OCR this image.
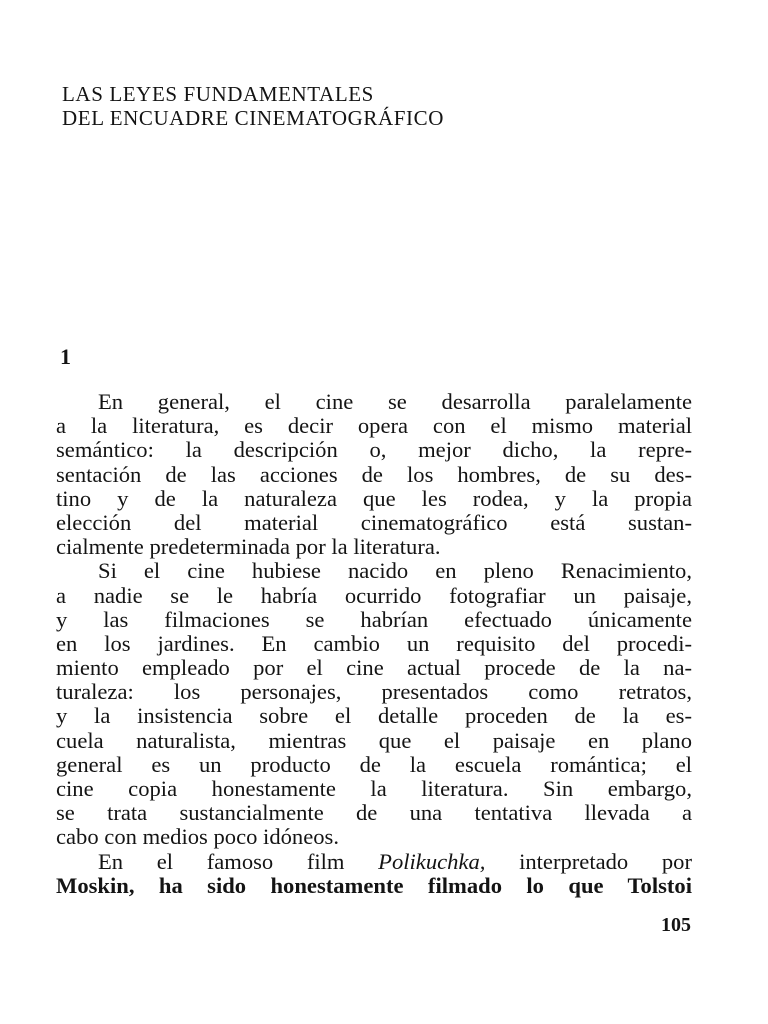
LAS LEYES FUNDAMENTALES
DEL ENCUADRE CINEMATOGRÁFICO
1
En general, el cine se desarrolla paralelamente
a la literatura, es decir opera con el mismo material
semántico: la descripción o, mejor dicho, la repre-
sentación de las acciones de los hombres, de su des-
tino y de la naturaleza que les rodea, y la propia
elección del material cinematográfico está sustan-
cialmente predeterminada por la literatura.
Si el cine hubiese nacido en pleno Renacimiento,
a nadie se le habría ocurrido fotografiar un paisaje,
y las filmaciones se habrían efectuado únicamente
en los jardines. En cambio un requisito del procedi-
miento empleado por el cine actual procede de la na-
turaleza: los personajes, presentados como retratos,
y la insistencia sobre el detalle proceden de la es-
cuela naturalista, mientras que el paisaje en plano
general es un producto de la escuela romántica; el
cine copia honestamente la literatura. Sin embargo,
se trata sustancialmente de una tentativa llevada a
cabo con medios poco idóneos.
En el famoso film Polikuchka, interpretado por
Moskin, ha sido honestamente filmado lo que Tolstoi
105
